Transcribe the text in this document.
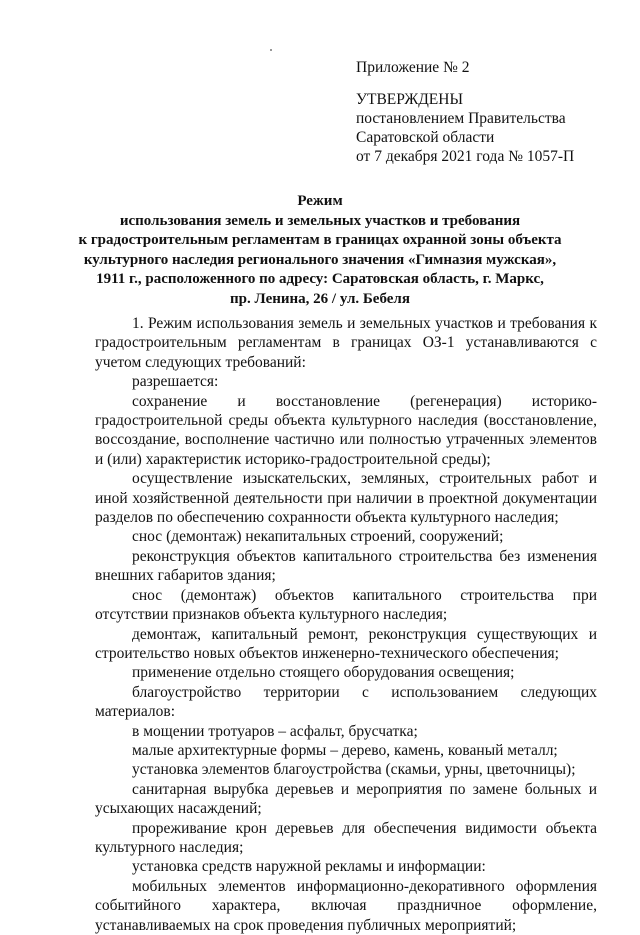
Приложение № 2
УТВЕРЖДЕНЫ
постановлением Правительства
Саратовской области
от 7 декабря 2021 года № 1057-П
Режим
использования земель и земельных участков и требования
к градостроительным регламентам в границах охранной зоны объекта
культурного наследия регионального значения «Гимназия мужская»,
1911 г., расположенного по адресу: Саратовская область, г. Маркс,
пр. Ленина, 26 / ул. Бебеля

1. Режим использования земель и земельных участков и требования к градостроительным регламентам в границах ОЗ-1 устанавливаются с учетом следующих требований:

разрешается:

сохранение и восстановление (регенерация) историко-градостроительной среды объекта культурного наследия (восстановление, воссоздание, восполнение частично или полностью утраченных элементов и (или) характеристик историко-градостроительной среды);

осуществление изыскательских, земляных, строительных работ и иной хозяйственной деятельности при наличии в проектной документации разделов по обеспечению сохранности объекта культурного наследия;

снос (демонтаж) некапитальных строений, сооружений;

реконструкция объектов капитального строительства без изменения внешних габаритов здания;

снос (демонтаж) объектов капитального строительства при отсутствии признаков объекта культурного наследия;

демонтаж, капитальный ремонт, реконструкция существующих и строительство новых объектов инженерно-технического обеспечения;

применение отдельно стоящего оборудования освещения;

благоустройство территории с использованием следующих материалов:

в мощении тротуаров – асфальт, брусчатка;

малые архитектурные формы – дерево, камень, кованый металл;

установка элементов благоустройства (скамьи, урны, цветочницы);

санитарная вырубка деревьев и мероприятия по замене больных и усыхающих насаждений;

прореживание крон деревьев для обеспечения видимости объекта культурного наследия;

установка средств наружной рекламы и информации:

мобильных элементов информационно-декоративного оформления событийного характера, включая праздничное оформление, устанавливаемых на срок проведения публичных мероприятий;
